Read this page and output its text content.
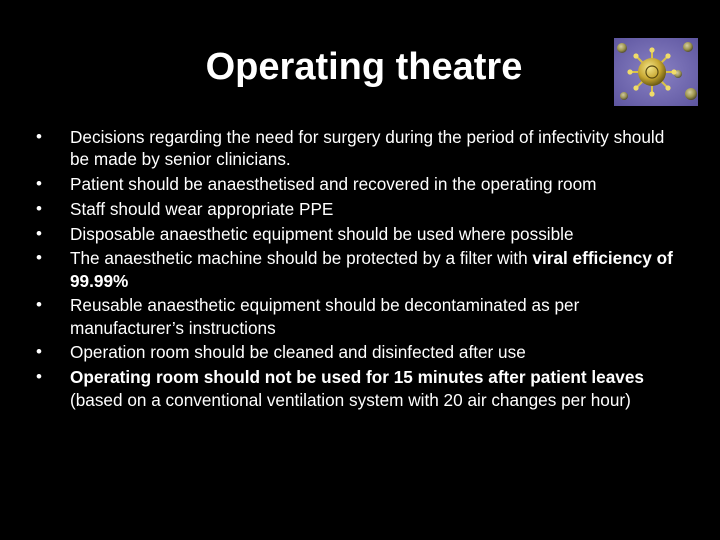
Operating theatre
• Decisions regarding the need for surgery during the period of infectivity should be made by senior clinicians.
• Patient should be anaesthetised and recovered in the operating room
• Staff should wear appropriate PPE
• Disposable anaesthetic equipment should be used where possible
• The anaesthetic machine should be protected by a filter with viral efficiency of 99.99%
• Reusable anaesthetic equipment should be decontaminated as per manufacturer’s instructions
• Operation room should be cleaned and disinfected after use
• Operating room should not be used for 15 minutes after patient leaves (based on a conventional ventilation system with 20 air changes per hour)
